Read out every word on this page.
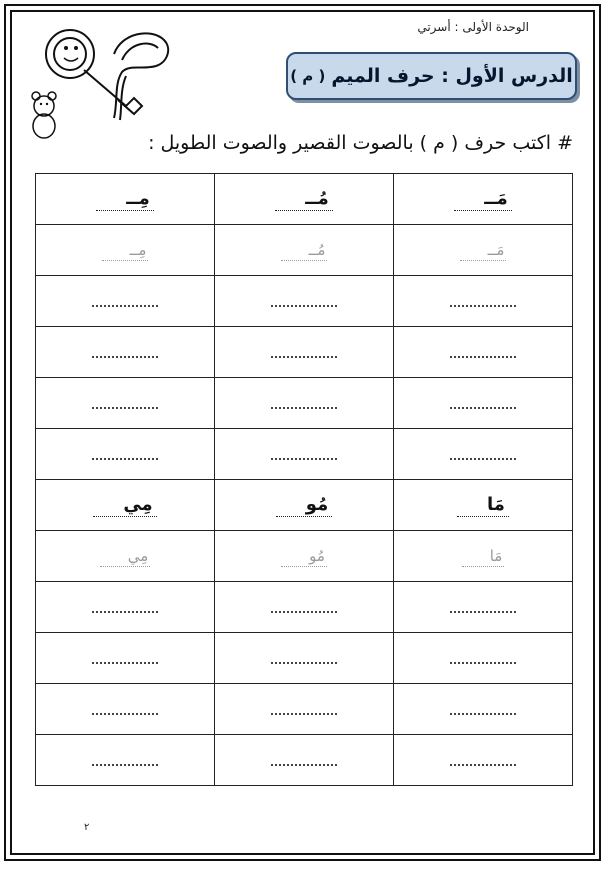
الوحدة الأولى : أسرتي
الدرس الأول : حرف الميم
( م )
# اكتب حرف ( م ) بالصوت القصير والصوت الطويل :
مَــ	مُــ	مِــ
مَــ	مُــ	مِــ

مَا	مُو	مِي
مَا	مُو	مِي

٢
